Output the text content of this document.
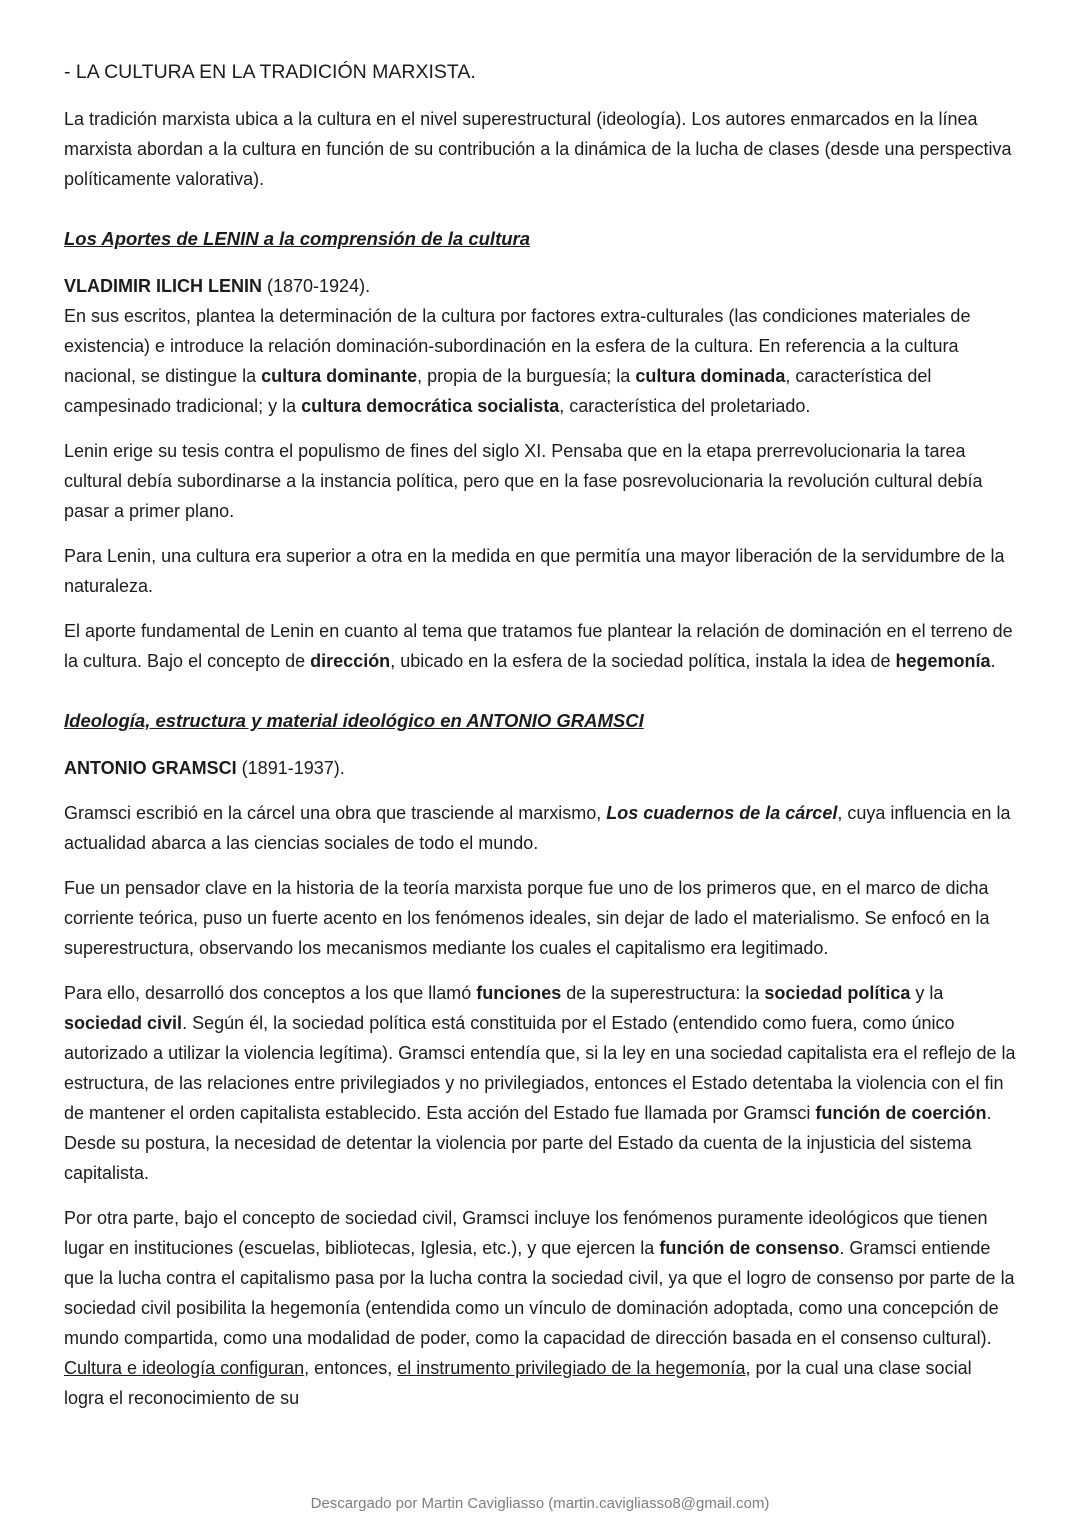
- LA CULTURA EN LA TRADICIÓN MARXISTA.

La tradición marxista ubica a la cultura en el nivel superestructural (ideología). Los autores enmarcados en la línea marxista abordan a la cultura en función de su contribución a la dinámica de la lucha de clases (desde una perspectiva políticamente valorativa).

Los Aportes de LENIN a la comprensión de la cultura

VLADIMIR ILICH LENIN (1870-1924).
En sus escritos, plantea la determinación de la cultura por factores extra-culturales (las condiciones materiales de existencia) e introduce la relación dominación-subordinación en la esfera de la cultura. En referencia a la cultura nacional, se distingue la cultura dominante, propia de la burguesía; la cultura dominada, característica del campesinado tradicional; y la cultura democrática socialista, característica del proletariado.

Lenin erige su tesis contra el populismo de fines del siglo XI. Pensaba que en la etapa prerrevolucionaria la tarea cultural debía subordinarse a la instancia política, pero que en la fase posrevolucionaria la revolución cultural debía pasar a primer plano.

Para Lenin, una cultura era superior a otra en la medida en que permitía una mayor liberación de la servidumbre de la naturaleza.

El aporte fundamental de Lenin en cuanto al tema que tratamos fue plantear la relación de dominación en el terreno de la cultura. Bajo el concepto de dirección, ubicado en la esfera de la sociedad política, instala la idea de hegemonía.

Ideología, estructura y material ideológico en ANTONIO GRAMSCI

ANTONIO GRAMSCI (1891-1937).

Gramsci escribió en la cárcel una obra que trasciende al marxismo, Los cuadernos de la cárcel, cuya influencia en la actualidad abarca a las ciencias sociales de todo el mundo.

Fue un pensador clave en la historia de la teoría marxista porque fue uno de los primeros que, en el marco de dicha corriente teórica, puso un fuerte acento en los fenómenos ideales, sin dejar de lado el materialismo. Se enfocó en la superestructura, observando los mecanismos mediante los cuales el capitalismo era legitimado.

Para ello, desarrolló dos conceptos a los que llamó funciones de la superestructura: la sociedad política y la sociedad civil. Según él, la sociedad política está constituida por el Estado (entendido como fuera, como único autorizado a utilizar la violencia legítima). Gramsci entendía que, si la ley en una sociedad capitalista era el reflejo de la estructura, de las relaciones entre privilegiados y no privilegiados, entonces el Estado detentaba la violencia con el fin de mantener el orden capitalista establecido. Esta acción del Estado fue llamada por Gramsci función de coerción. Desde su postura, la necesidad de detentar la violencia por parte del Estado da cuenta de la injusticia del sistema capitalista.

Por otra parte, bajo el concepto de sociedad civil, Gramsci incluye los fenómenos puramente ideológicos que tienen lugar en instituciones (escuelas, bibliotecas, Iglesia, etc.), y que ejercen la función de consenso. Gramsci entiende que la lucha contra el capitalismo pasa por la lucha contra la sociedad civil, ya que el logro de consenso por parte de la sociedad civil posibilita la hegemonía (entendida como un vínculo de dominación adoptada, como una concepción de mundo compartida, como una modalidad de poder, como la capacidad de dirección basada en el consenso cultural). Cultura e ideología configuran, entonces, el instrumento privilegiado de la hegemonía, por la cual una clase social logra el reconocimiento de su

Descargado por Martin Cavigliasso (martin.cavigliasso8@gmail.com)
